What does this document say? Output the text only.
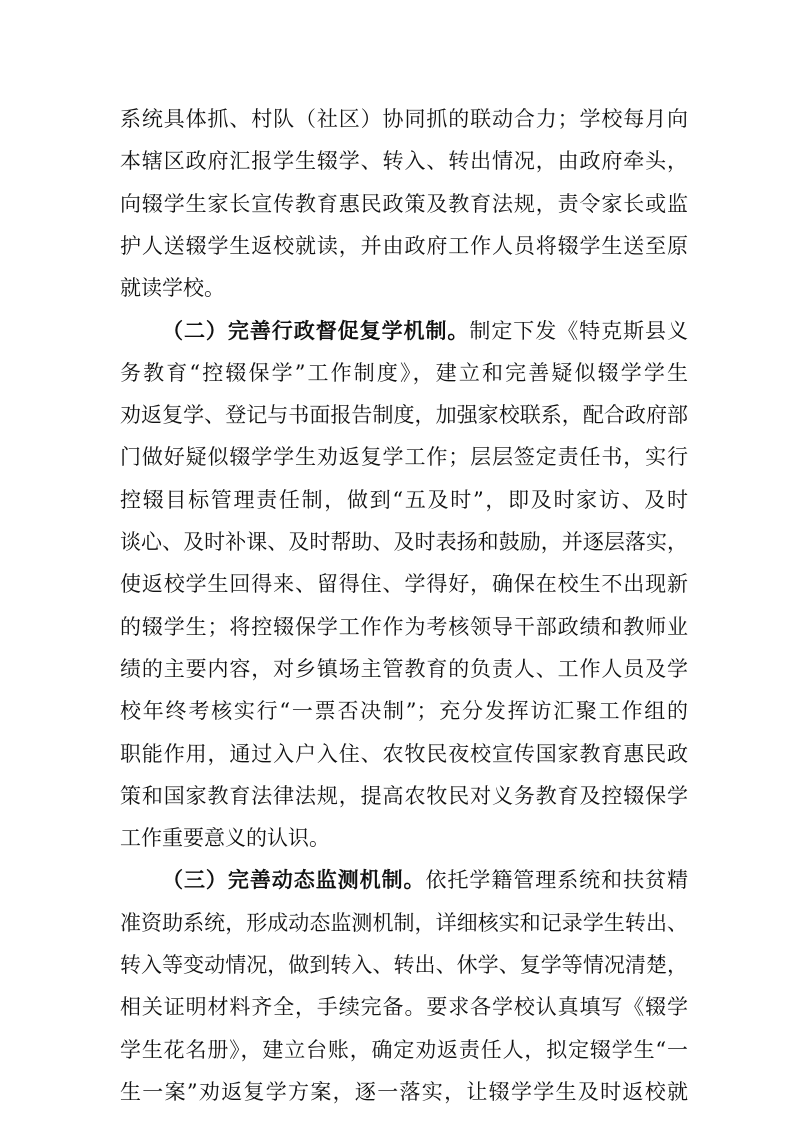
系统具体抓、村队（社区）协同抓的联动合力；学校每月向
本辖区政府汇报学生辍学、转入、转出情况，由政府牵头，
向辍学生家长宣传教育惠民政策及教育法规，责令家长或监
护人送辍学生返校就读，并由政府工作人员将辍学生送至原
就读学校。
（二）完善行政督促复学机制。制定下发《特克斯县义
务教育“控辍保学”工作制度》，建立和完善疑似辍学学生
劝返复学、登记与书面报告制度，加强家校联系，配合政府部
门做好疑似辍学学生劝返复学工作；层层签定责任书，实行
控辍目标管理责任制，做到“五及时”，即及时家访、及时
谈心、及时补课、及时帮助、及时表扬和鼓励，并逐层落实，
使返校学生回得来、留得住、学得好，确保在校生不出现新
的辍学生；将控辍保学工作作为考核领导干部政绩和教师业
绩的主要内容，对乡镇场主管教育的负责人、工作人员及学
校年终考核实行“一票否决制”；充分发挥访汇聚工作组的
职能作用，通过入户入住、农牧民夜校宣传国家教育惠民政
策和国家教育法律法规，提高农牧民对义务教育及控辍保学
工作重要意义的认识。
（三）完善动态监测机制。依托学籍管理系统和扶贫精
准资助系统，形成动态监测机制，详细核实和记录学生转出、
转入等变动情况，做到转入、转出、休学、复学等情况清楚，
相关证明材料齐全，手续完备。要求各学校认真填写《辍学
学生花名册》，建立台账，确定劝返责任人，拟定辍学生“一
生一案”劝返复学方案，逐一落实，让辍学学生及时返校就
